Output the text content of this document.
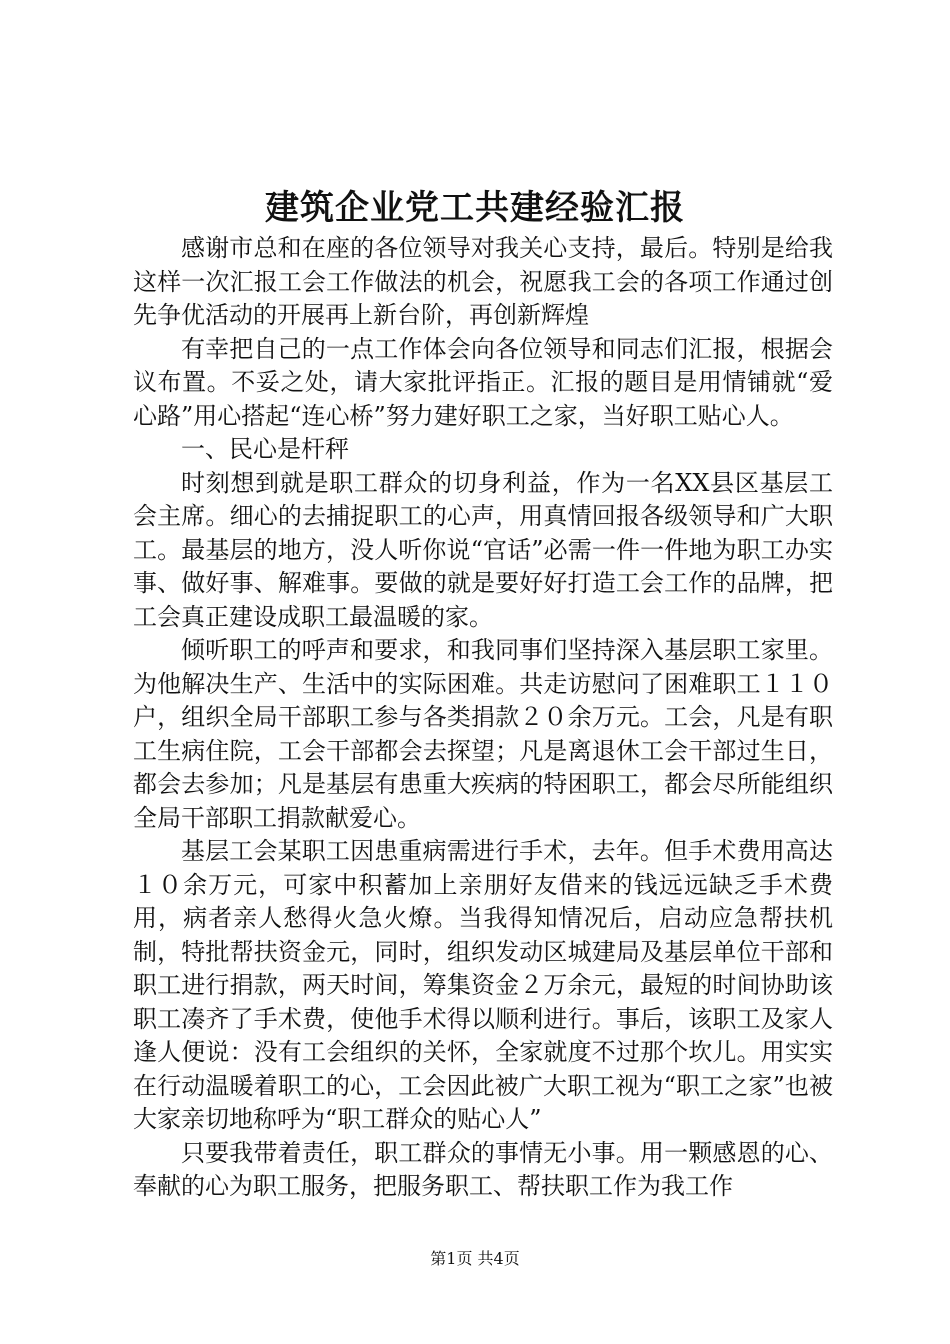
建筑企业党工共建经验汇报

感谢市总和在座的各位领导对我关心支持，最后。特别是给我这样一次汇报工会工作做法的机会，祝愿我工会的各项工作通过创先争优活动的开展再上新台阶，再创新辉煌

有幸把自己的一点工作体会向各位领导和同志们汇报，根据会议布置。不妥之处，请大家批评指正。汇报的题目是用情铺就“爱心路”用心搭起“连心桥”努力建好职工之家，当好职工贴心人。

一、民心是杆秤

时刻想到就是职工群众的切身利益，作为一名XX县区基层工会主席。细心的去捕捉职工的心声，用真情回报各级领导和广大职工。最基层的地方，没人听你说“官话”必需一件一件地为职工办实事、做好事、解难事。要做的就是要好好打造工会工作的品牌，把工会真正建设成职工最温暖的家。

倾听职工的呼声和要求，和我同事们坚持深入基层职工家里。为他解决生产、生活中的实际困难。共走访慰问了困难职工１１０户，组织全局干部职工参与各类捐款２０余万元。工会，凡是有职工生病住院，工会干部都会去探望；凡是离退休工会干部过生日，都会去参加；凡是基层有患重大疾病的特困职工，都会尽所能组织全局干部职工捐款献爱心。

基层工会某职工因患重病需进行手术，去年。但手术费用高达１０余万元，可家中积蓄加上亲朋好友借来的钱远远缺乏手术费用，病者亲人愁得火急火燎。当我得知情况后，启动应急帮扶机制，特批帮扶资金元，同时，组织发动区城建局及基层单位干部和职工进行捐款，两天时间，筹集资金２万余元，最短的时间协助该职工凑齐了手术费，使他手术得以顺利进行。事后，该职工及家人逢人便说：没有工会组织的关怀，全家就度不过那个坎儿。用实实在行动温暖着职工的心，工会因此被广大职工视为“职工之家”也被大家亲切地称呼为“职工群众的贴心人”

只要我带着责任，职工群众的事情无小事。用一颗感恩的心、奉献的心为职工服务，把服务职工、帮扶职工作为我工作

第1页 共4页
